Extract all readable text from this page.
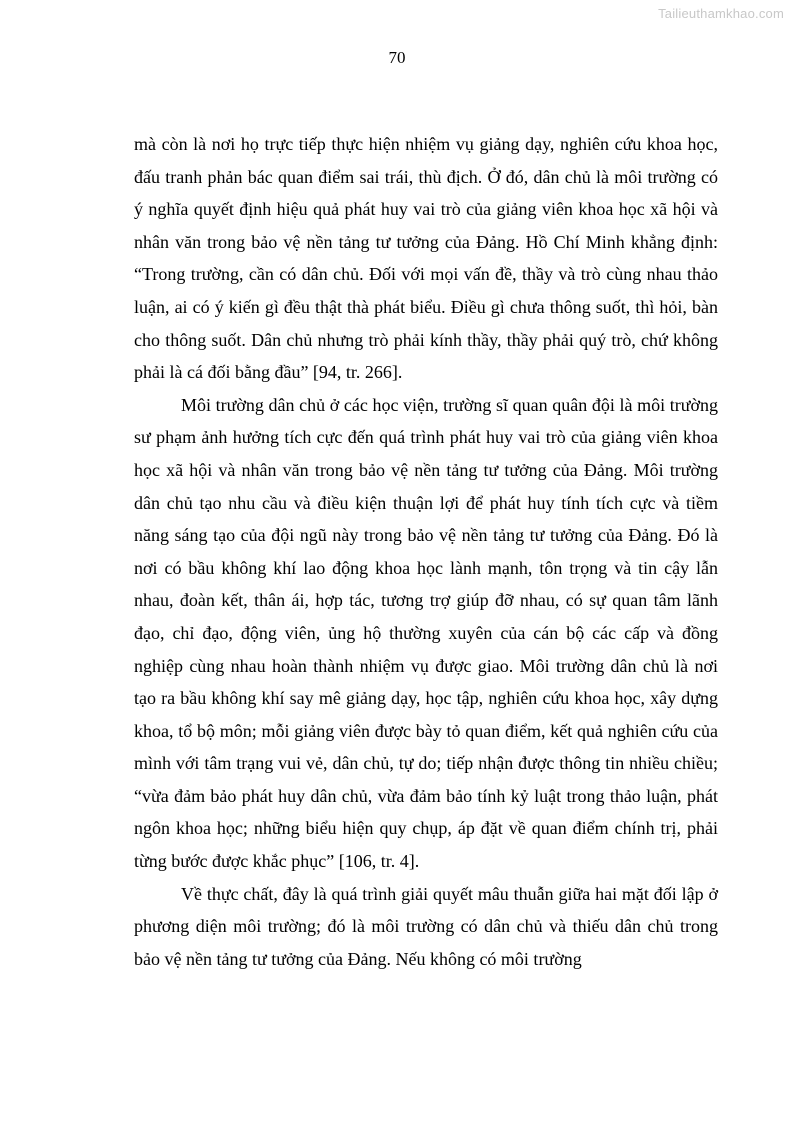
Tailieuthamkhao.com
70

mà còn là nơi họ trực tiếp thực hiện nhiệm vụ giảng dạy, nghiên cứu khoa học, đấu tranh phản bác quan điểm sai trái, thù địch. Ở đó, dân chủ là môi trường có ý nghĩa quyết định hiệu quả phát huy vai trò của giảng viên khoa học xã hội và nhân văn trong bảo vệ nền tảng tư tưởng của Đảng. Hồ Chí Minh khẳng định: “Trong trường, cần có dân chủ. Đối với mọi vấn đề, thầy và trò cùng nhau thảo luận, ai có ý kiến gì đều thật thà phát biểu. Điều gì chưa thông suốt, thì hỏi, bàn cho thông suốt. Dân chủ nhưng trò phải kính thầy, thầy phải quý trò, chứ không phải là cá đối bằng đầu” [94, tr. 266].

Môi trường dân chủ ở các học viện, trường sĩ quan quân đội là môi trường sư phạm ảnh hưởng tích cực đến quá trình phát huy vai trò của giảng viên khoa học xã hội và nhân văn trong bảo vệ nền tảng tư tưởng của Đảng. Môi trường dân chủ tạo nhu cầu và điều kiện thuận lợi để phát huy tính tích cực và tiềm năng sáng tạo của đội ngũ này trong bảo vệ nền tảng tư tưởng của Đảng. Đó là nơi có bầu không khí lao động khoa học lành mạnh, tôn trọng và tin cậy lẫn nhau, đoàn kết, thân ái, hợp tác, tương trợ giúp đỡ nhau, có sự quan tâm lãnh đạo, chỉ đạo, động viên, ủng hộ thường xuyên của cán bộ các cấp và đồng nghiệp cùng nhau hoàn thành nhiệm vụ được giao. Môi trường dân chủ là nơi tạo ra bầu không khí say mê giảng dạy, học tập, nghiên cứu khoa học, xây dựng khoa, tổ bộ môn; mỗi giảng viên được bày tỏ quan điểm, kết quả nghiên cứu của mình với tâm trạng vui vẻ, dân chủ, tự do; tiếp nhận được thông tin nhiều chiều; “vừa đảm bảo phát huy dân chủ, vừa đảm bảo tính kỷ luật trong thảo luận, phát ngôn khoa học; những biểu hiện quy chụp, áp đặt về quan điểm chính trị, phải từng bước được khắc phục” [106, tr. 4].

Về thực chất, đây là quá trình giải quyết mâu thuẫn giữa hai mặt đối lập ở phương diện môi trường; đó là môi trường có dân chủ và thiếu dân chủ trong bảo vệ nền tảng tư tưởng của Đảng. Nếu không có môi trường
